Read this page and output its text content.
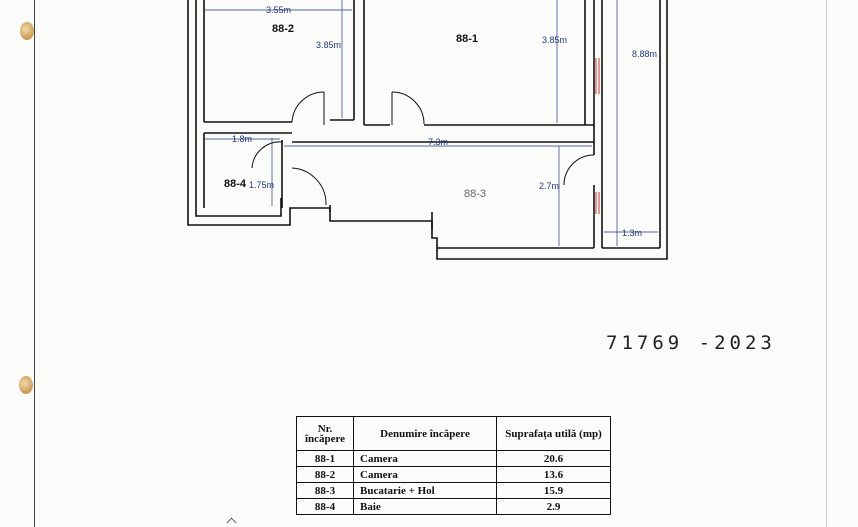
88-2
88-1
88-3
88-4
3.55m
3.85m	3.85m
8.88m
1.8m	7.3m
1.75m	2.7m
1.3m
71769 -2023
Nr. încăpere	Denumire încăpere	Suprafața utilă (mp)
88-1	Camera	20.6
88-2	Camera	13.6
88-3	Bucatarie + Hol	15.9
88-4	Baie	2.9
